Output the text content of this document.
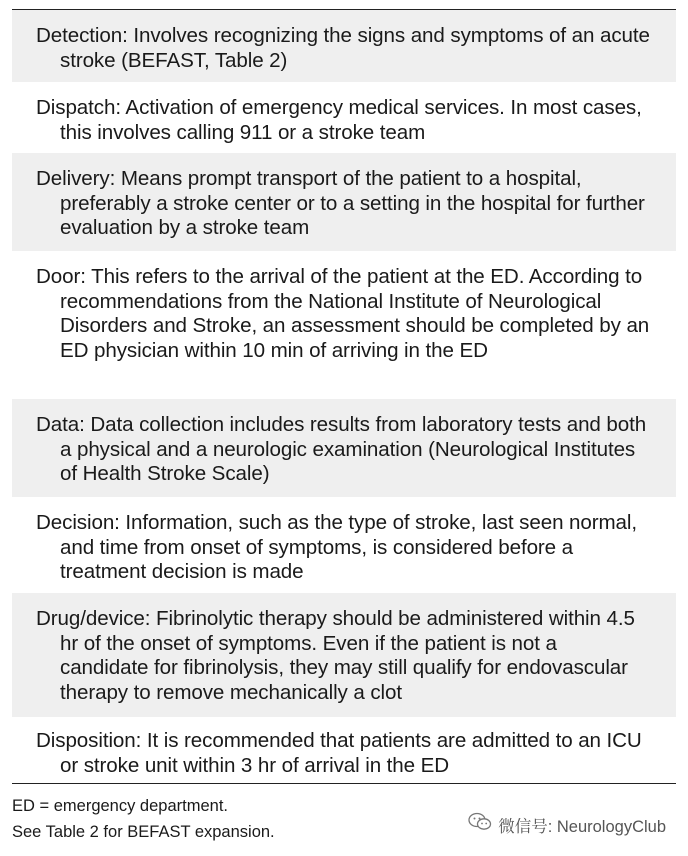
Detection: Involves recognizing the signs and symptoms of an acute stroke (BEFAST, Table 2)
Dispatch: Activation of emergency medical services. In most cases, this involves calling 911 or a stroke team
Delivery: Means prompt transport of the patient to a hospital, preferably a stroke center or to a setting in the hospital for further evaluation by a stroke team
Door: This refers to the arrival of the patient at the ED. According to recommendations from the National Institute of Neurological Disorders and Stroke, an assessment should be completed by an ED physician within 10 min of arriving in the ED
Data: Data collection includes results from laboratory tests and both a physical and a neurologic examination (Neurological Institutes of Health Stroke Scale)
Decision: Information, such as the type of stroke, last seen normal, and time from onset of symptoms, is considered before a treatment decision is made
Drug/device: Fibrinolytic therapy should be administered within 4.5 hr of the onset of symptoms. Even if the patient is not a candidate for fibrinolysis, they may still qualify for endovascular therapy to remove mechanically a clot
Disposition: It is recommended that patients are admitted to an ICU or stroke unit within 3 hr of arrival in the ED
ED = emergency department.
See Table 2 for BEFAST expansion.	微信号: NeurologyClub
